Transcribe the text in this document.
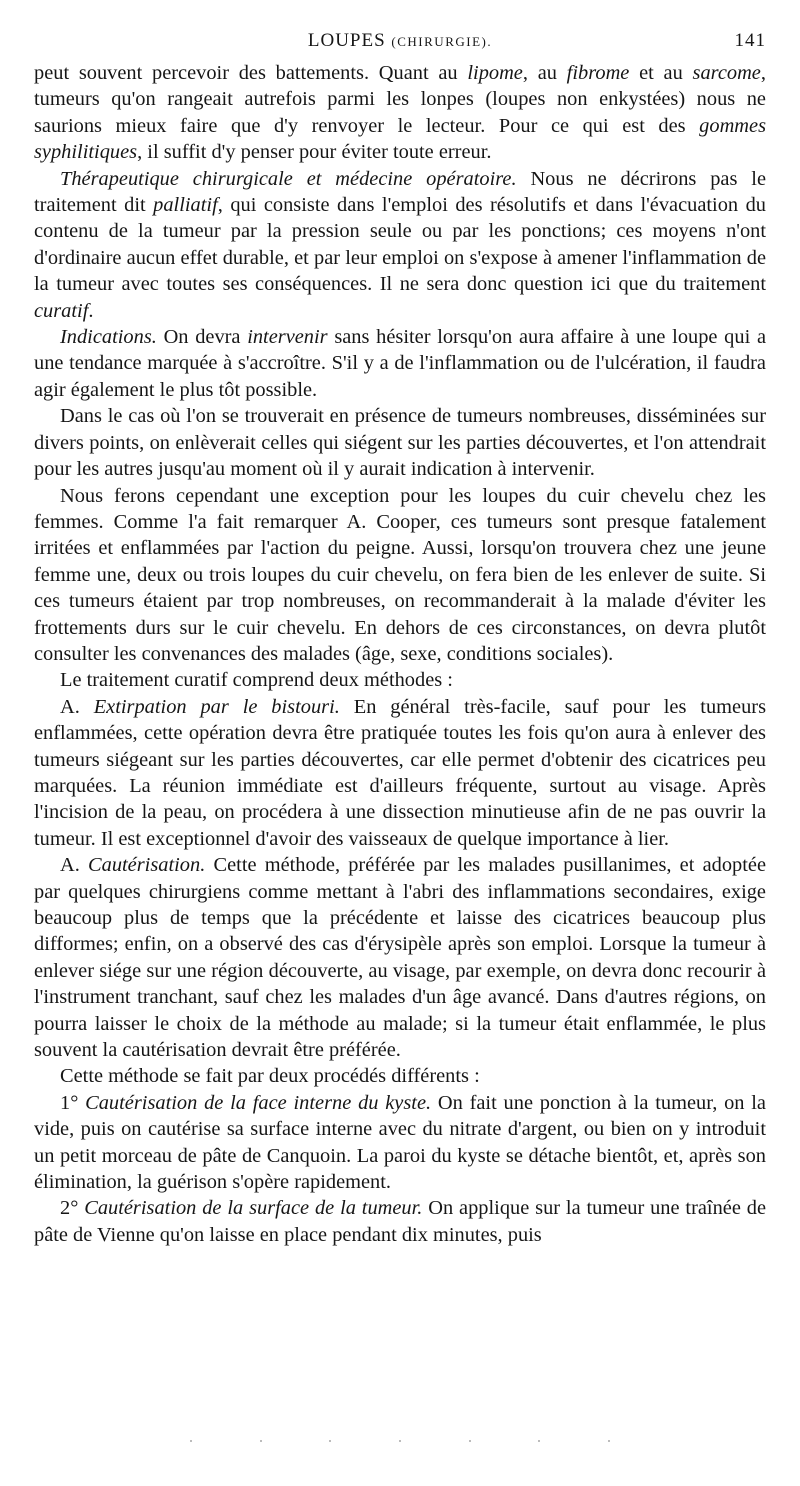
LOUPES (CHIRURGIE).	141

peut souvent percevoir des battements. Quant au lipome, au fibrome et au sarcome, tumeurs qu'on rangeait autrefois parmi les lonpes (loupes non enkystées) nous ne saurions mieux faire que d'y renvoyer le lecteur. Pour ce qui est des gommes syphilitiques, il suffit d'y penser pour éviter toute erreur.

Thérapeutique chirurgicale et médecine opératoire. Nous ne décrirons pas le traitement dit palliatif, qui consiste dans l'emploi des résolutifs et dans l'évacuation du contenu de la tumeur par la pression seule ou par les ponctions; ces moyens n'ont d'ordinaire aucun effet durable, et par leur emploi on s'expose à amener l'inflammation de la tumeur avec toutes ses conséquences. Il ne sera donc question ici que du traitement curatif.

Indications. On devra intervenir sans hésiter lorsqu'on aura affaire à une loupe qui a une tendance marquée à s'accroître. S'il y a de l'inflammation ou de l'ulcération, il faudra agir également le plus tôt possible.

Dans le cas où l'on se trouverait en présence de tumeurs nombreuses, disséminées sur divers points, on enlèverait celles qui siégent sur les parties découvertes, et l'on attendrait pour les autres jusqu'au moment où il y aurait indication à intervenir.

Nous ferons cependant une exception pour les loupes du cuir chevelu chez les femmes. Comme l'a fait remarquer A. Cooper, ces tumeurs sont presque fatalement irritées et enflammées par l'action du peigne. Aussi, lorsqu'on trouvera chez une jeune femme une, deux ou trois loupes du cuir chevelu, on fera bien de les enlever de suite. Si ces tumeurs étaient par trop nombreuses, on recommanderait à la malade d'éviter les frottements durs sur le cuir chevelu. En dehors de ces circonstances, on devra plutôt consulter les convenances des malades (âge, sexe, conditions sociales).

Le traitement curatif comprend deux méthodes :

A. Extirpation par le bistouri. En général très-facile, sauf pour les tumeurs enflammées, cette opération devra être pratiquée toutes les fois qu'on aura à enlever des tumeurs siégeant sur les parties découvertes, car elle permet d'obtenir des cicatrices peu marquées. La réunion immédiate est d'ailleurs fréquente, surtout au visage. Après l'incision de la peau, on procédera à une dissection minutieuse afin de ne pas ouvrir la tumeur. Il est exceptionnel d'avoir des vaisseaux de quelque importance à lier.

A. Cautérisation. Cette méthode, préférée par les malades pusillanimes, et adoptée par quelques chirurgiens comme mettant à l'abri des inflammations secondaires, exige beaucoup plus de temps que la précédente et laisse des cicatrices beaucoup plus difformes; enfin, on a observé des cas d'érysipèle après son emploi. Lorsque la tumeur à enlever siége sur une région découverte, au visage, par exemple, on devra donc recourir à l'instrument tranchant, sauf chez les malades d'un âge avancé. Dans d'autres régions, on pourra laisser le choix de la méthode au malade; si la tumeur était enflammée, le plus souvent la cautérisation devrait être préférée.

Cette méthode se fait par deux procédés différents :

1° Cautérisation de la face interne du kyste. On fait une ponction à la tumeur, on la vide, puis on cautérise sa surface interne avec du nitrate d'argent, ou bien on y introduit un petit morceau de pâte de Canquoin. La paroi du kyste se détache bientôt, et, après son élimination, la guérison s'opère rapidement.

2° Cautérisation de la surface de la tumeur. On applique sur la tumeur une traînée de pâte de Vienne qu'on laisse en place pendant dix minutes, puis
